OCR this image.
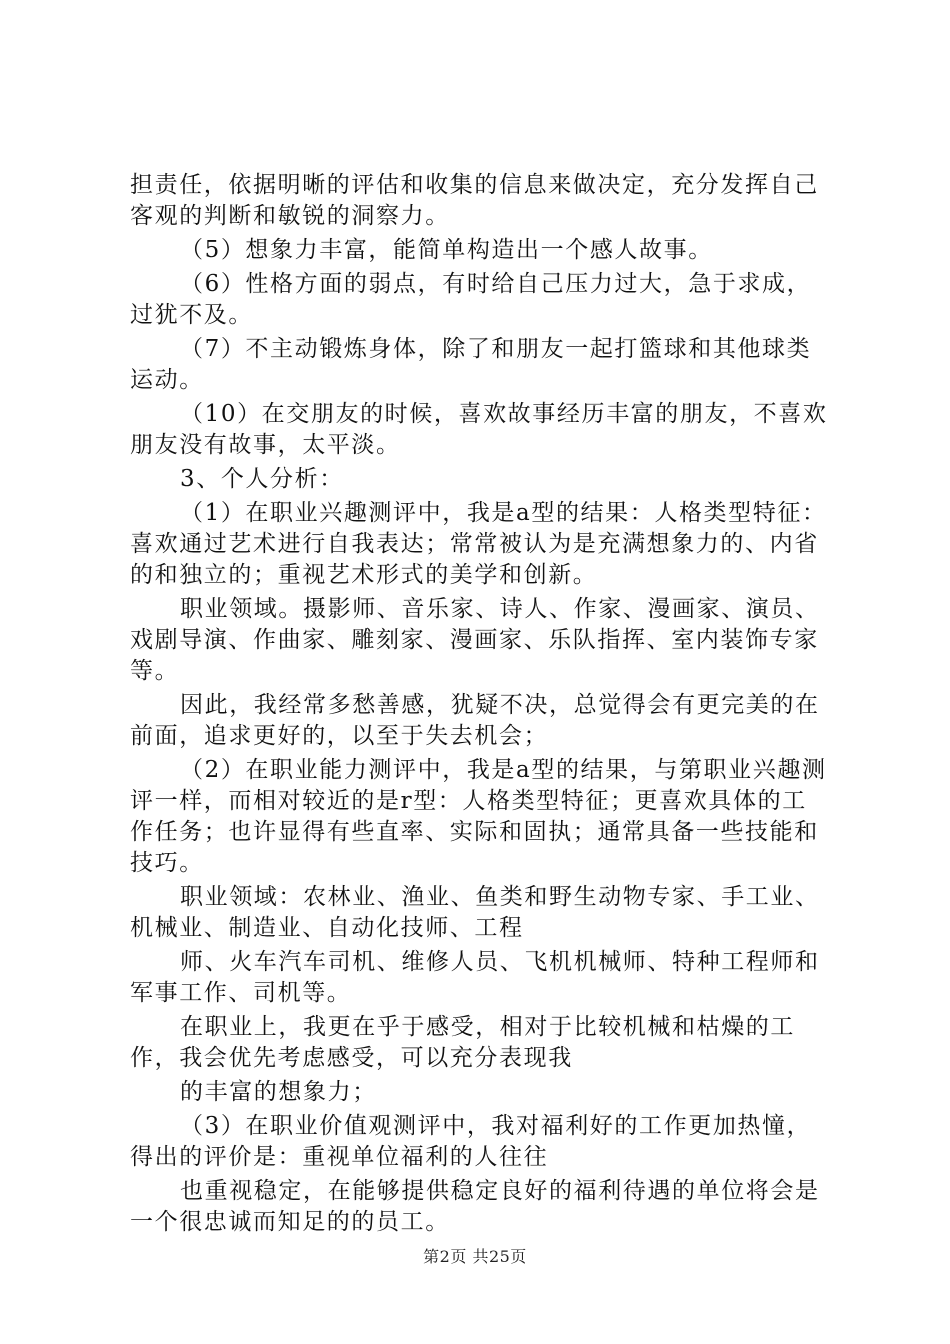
担责任，依据明晰的评估和收集的信息来做决定，充分发挥自己客观的判断和敏锐的洞察力。

（5）想象力丰富，能简单构造出一个感人故事。

（6）性格方面的弱点，有时给自己压力过大，急于求成，过犹不及。

（7）不主动锻炼身体，除了和朋友一起打篮球和其他球类运动。

（10）在交朋友的时候，喜欢故事经历丰富的朋友，不喜欢朋友没有故事，太平淡。

3、个人分析：

（1）在职业兴趣测评中，我是a型的结果：人格类型特征：喜欢通过艺术进行自我表达；常常被认为是充满想象力的、内省的和独立的；重视艺术形式的美学和创新。

职业领域。摄影师、音乐家、诗人、作家、漫画家、演员、戏剧导演、作曲家、雕刻家、漫画家、乐队指挥、室内装饰专家等。

因此，我经常多愁善感，犹疑不决，总觉得会有更完美的在前面，追求更好的，以至于失去机会；

（2）在职业能力测评中，我是a型的结果，与第职业兴趣测评一样，而相对较近的是r型：人格类型特征；更喜欢具体的工作任务；也许显得有些直率、实际和固执；通常具备一些技能和技巧。

职业领域：农林业、渔业、鱼类和野生动物专家、手工业、机械业、制造业、自动化技师、工程

师、火车汽车司机、维修人员、飞机机械师、特种工程师和军事工作、司机等。

在职业上，我更在乎于感受，相对于比较机械和枯燥的工作，我会优先考虑感受，可以充分表现我

的丰富的想象力；

（3）在职业价值观测评中，我对福利好的工作更加热憧，得出的评价是：重视单位福利的人往往

也重视稳定，在能够提供稳定良好的福利待遇的单位将会是一个很忠诚而知足的的员工。

第2页 共25页
